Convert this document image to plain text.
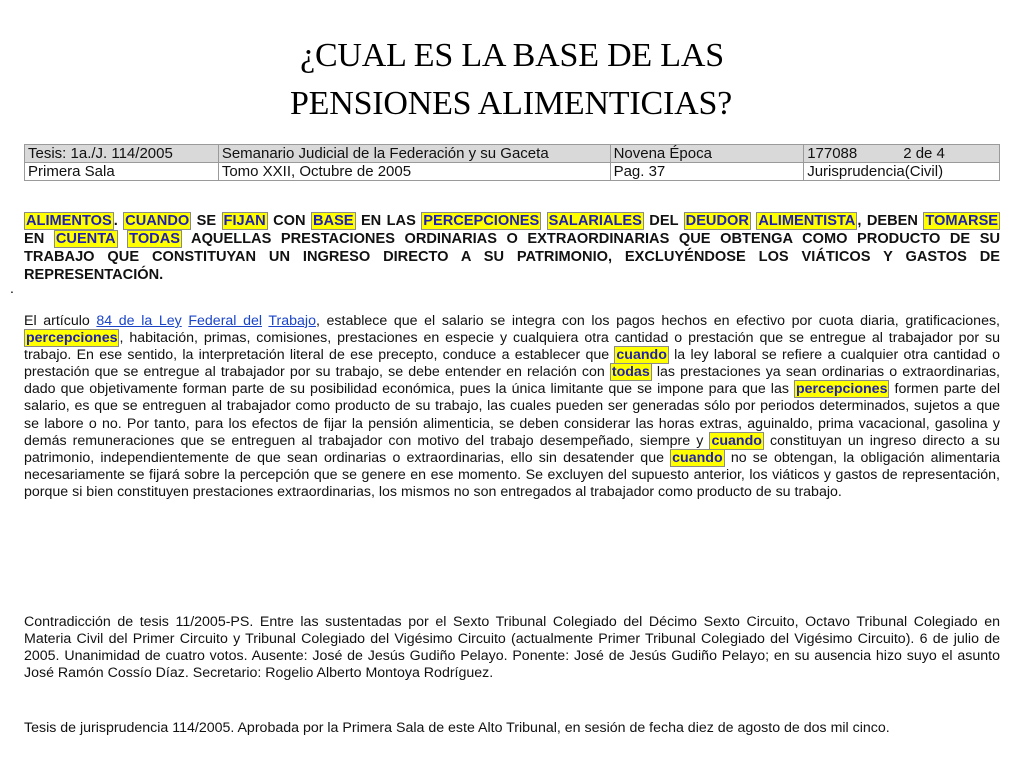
¿CUAL ES LA BASE DE LAS
PENSIONES ALIMENTICIAS?
Tesis: 1a./J. 114/2005	Semanario Judicial de la Federación y su Gaceta	Novena Época	177088 2 de 4
Primera Sala	Tomo XXII, Octubre de 2005	Pag. 37	Jurisprudencia(Civil)
ALIMENTOS . CUANDO SE FIJAN CON BASE EN LAS PERCEPCIONES SALARIALES DEL DEUDOR ALIMENTISTA , DEBEN TOMARSE EN CUENTA TODAS AQUELLAS PRESTACIONES ORDINARIAS O EXTRAORDINARIAS QUE OBTENGA COMO PRODUCTO DE SU TRABAJO QUE CONSTITUYAN UN INGRESO DIRECTO A SU PATRIMONIO, EXCLUYÉNDOSE LOS VIÁTICOS Y GASTOS DE REPRESENTACIÓN.
.
El artículo 84 de la Ley Federal del Trabajo, establece que el salario se integra con los pagos hechos en efectivo por cuota diaria, gratificaciones, percepciones , habitación, primas, comisiones, prestaciones en especie y cualquiera otra cantidad o prestación que se entregue al trabajador por su trabajo. En ese sentido, la interpretación literal de ese precepto, conduce a establecer que cuando la ley laboral se refiere a cualquier otra cantidad o prestación que se entregue al trabajador por su trabajo, se debe entender en relación con todas las prestaciones ya sean ordinarias o extraordinarias, dado que objetivamente forman parte de su posibilidad económica, pues la única limitante que se impone para que las percepciones formen parte del salario, es que se entreguen al trabajador como producto de su trabajo, las cuales pueden ser generadas sólo por periodos determinados, sujetos a que se labore o no. Por tanto, para los efectos de fijar la pensión alimenticia, se deben considerar las horas extras, aguinaldo, prima vacacional, gasolina y demás remuneraciones que se entreguen al trabajador con motivo del trabajo desempeñado, siempre y cuando constituyan un ingreso directo a su patrimonio, independientemente de que sean ordinarias o extraordinarias, ello sin desatender que cuando no se obtengan, la obligación alimentaria necesariamente se fijará sobre la percepción que se genere en ese momento. Se excluyen del supuesto anterior, los viáticos y gastos de representación, porque si bien constituyen prestaciones extraordinarias, los mismos no son entregados al trabajador como producto de su trabajo.
Contradicción de tesis 11/2005-PS. Entre las sustentadas por el Sexto Tribunal Colegiado del Décimo Sexto Circuito, Octavo Tribunal Colegiado en Materia Civil del Primer Circuito y Tribunal Colegiado del Vigésimo Circuito (actualmente Primer Tribunal Colegiado del Vigésimo Circuito). 6 de julio de 2005. Unanimidad de cuatro votos. Ausente: José de Jesús Gudiño Pelayo. Ponente: José de Jesús Gudiño Pelayo; en su ausencia hizo suyo el asunto José Ramón Cossío Díaz. Secretario: Rogelio Alberto Montoya Rodríguez.
Tesis de jurisprudencia 114/2005. Aprobada por la Primera Sala de este Alto Tribunal, en sesión de fecha diez de agosto de dos mil cinco.
